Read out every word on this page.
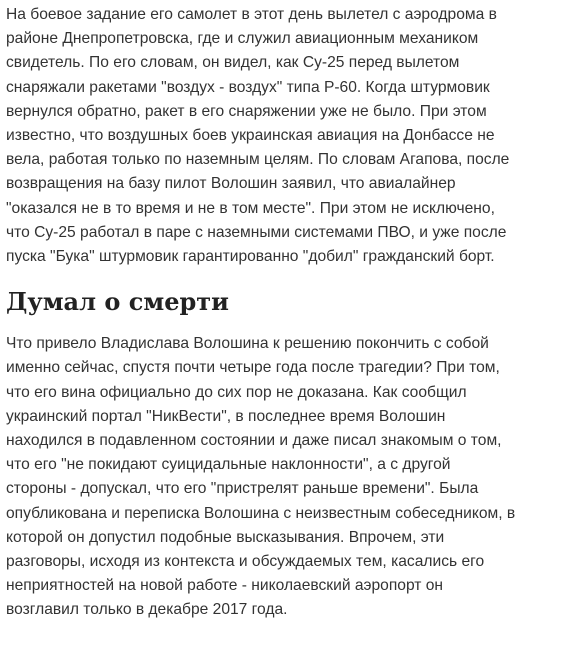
На боевое задание его самолет в этот день вылетел с аэродрома в
районе Днепропетровска, где и служил авиационным механиком
свидетель. По его словам, он видел, как Су-25 перед вылетом
снаряжали ракетами "воздух - воздух" типа Р-60. Когда штурмовик
вернулся обратно, ракет в его снаряжении уже не было. При этом
известно, что воздушных боев украинская авиация на Донбассе не
вела, работая только по наземным целям. По словам Агапова, после
возвращения на базу пилот Волошин заявил, что авиалайнер
"оказался не в то время и не в том месте". При этом не исключено,
что Су-25 работал в паре с наземными системами ПВО, и уже после
пуска "Бука" штурмовик гарантированно "добил" гражданский борт.

Думал о смерти

Что привело Владислава Волошина к решению покончить с собой
именно сейчас, спустя почти четыре года после трагедии? При том,
что его вина официально до сих пор не доказана. Как сообщил
украинский портал "НикВести", в последнее время Волошин
находился в подавленном состоянии и даже писал знакомым о том,
что его "не покидают суицидальные наклонности", а с другой
стороны - допускал, что его "пристрелят раньше времени". Была
опубликована и переписка Волошина с неизвестным собеседником, в
которой он допустил подобные высказывания. Впрочем, эти
разговоры, исходя из контекста и обсуждаемых тем, касались его
неприятностей на новой работе - николаевский аэропорт он
возглавил только в декабре 2017 года.
